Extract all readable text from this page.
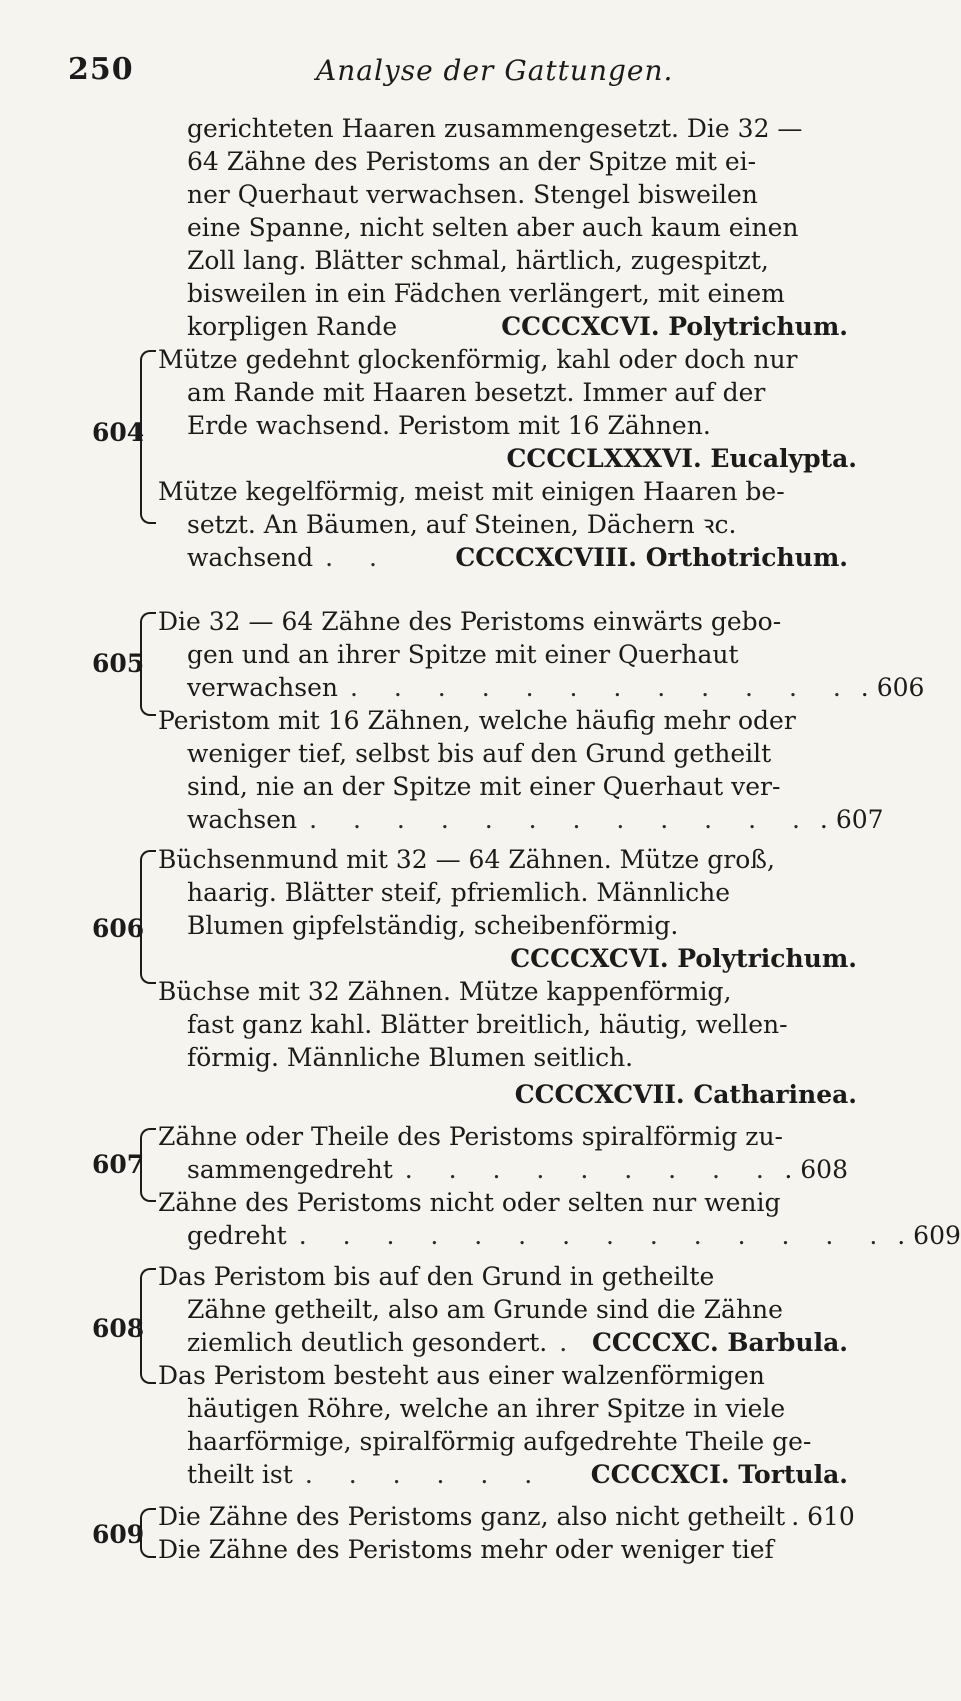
250	Analyse der Gattungen.
gerichteten Haaren zusammengesetzt. Die 32 —
64 Zähne des Peristoms an der Spitze mit ei-
ner Querhaut verwachsen. Stengel bisweilen
eine Spanne, nicht selten aber auch kaum einen
Zoll lang. Blätter schmal, härtlich, zugespitzt,
bisweilen in ein Fädchen verlängert, mit einem
korpligen Rande	CCCCXCVI. Polytrichum.
604
Mütze gedehnt glockenförmig, kahl oder doch nur
am Rande mit Haaren besetzt. Immer auf der
Erde wachsend. Peristom mit 16 Zähnen.
CCCCLXXXVI. Eucalypta.
Mütze kegelförmig, meist mit einigen Haaren be-
setzt. An Bäumen, auf Steinen, Dächern ꝛc.
wachsend . .	CCCCXCVIII. Orthotrichum.
605
Die 32 — 64 Zähne des Peristoms einwärts gebo-
gen und an ihrer Spitze mit einer Querhaut
verwachsen . . . . . . . . . . . . . 606
Peristom mit 16 Zähnen, welche häufig mehr oder
weniger tief, selbst bis auf den Grund getheilt
sind, nie an der Spitze mit einer Querhaut ver-
wachsen . . . . . . . . . . . . . 607
606
Büchsenmund mit 32 — 64 Zähnen. Mütze groß,
haarig. Blätter steif, pfriemlich. Männliche
Blumen gipfelständig, scheibenförmig.
CCCCXCVI. Polytrichum.
Büchse mit 32 Zähnen. Mütze kappenförmig,
fast ganz kahl. Blätter breitlich, häutig, wellen-
förmig. Männliche Blumen seitlich.
CCCCXCVII. Catharinea.
607
Zähne oder Theile des Peristoms spiralförmig zu-
sammengedreht . . . . . . . . . . 608
Zähne des Peristoms nicht oder selten nur wenig
gedreht . . . . . . . . . . . . . . . 609
608
Das Peristom bis auf den Grund in getheilte
Zähne getheilt, also am Grunde sind die Zähne
ziemlich deutlich gesondert. . CCCCXC. Barbula.
Das Peristom besteht aus einer walzenförmigen
häutigen Röhre, welche an ihrer Spitze in viele
haarförmige, spiralförmig aufgedrehte Theile ge-
theilt ist . . . . . .	CCCCXCI. Tortula.
609
Die Zähne des Peristoms ganz, also nicht getheilt . 610
Die Zähne des Peristoms mehr oder weniger tief
